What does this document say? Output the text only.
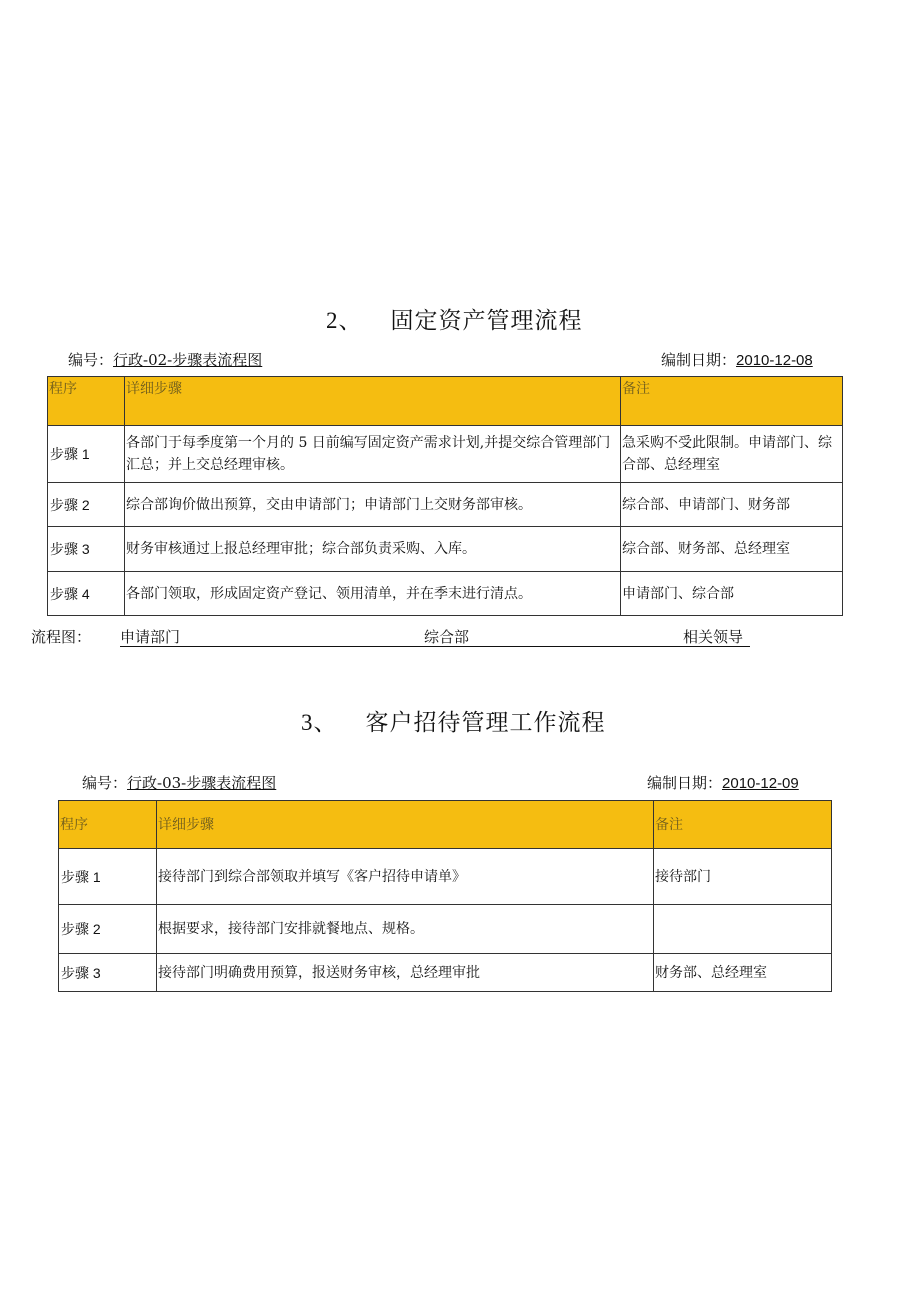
2、 固定资产管理流程
编号：行政-02-步骤表流程图	编制日期：2010-12-08
程序	详细步骤	备注
步骤 1	各部门于每季度第一个月的 5 日前编写固定资产需求计划,并提交综合管理部门汇总；并上交总经理审核。	急采购不受此限制。申请部门、综合部、总经理室
步骤 2	综合部询价做出预算，交由申请部门；申请部门上交财务部审核。	综合部、申请部门、财务部
步骤 3	财务审核通过上报总经理审批；综合部负责采购、入库。	综合部、财务部、总经理室
步骤 4	各部门领取，形成固定资产登记、领用清单，并在季末进行清点。	申请部门、综合部
流程图： 申请部门	综合部	相关领导
3、 客户招待管理工作流程
编号：行政-03-步骤表流程图	编制日期：2010-12-09
程序	详细步骤	备注
步骤 1	接待部门到综合部领取并填写《客户招待申请单》	接待部门
步骤 2	根据要求，接待部门安排就餐地点、规格。	
步骤 3	接待部门明确费用预算，报送财务审核，总经理审批	财务部、总经理室
